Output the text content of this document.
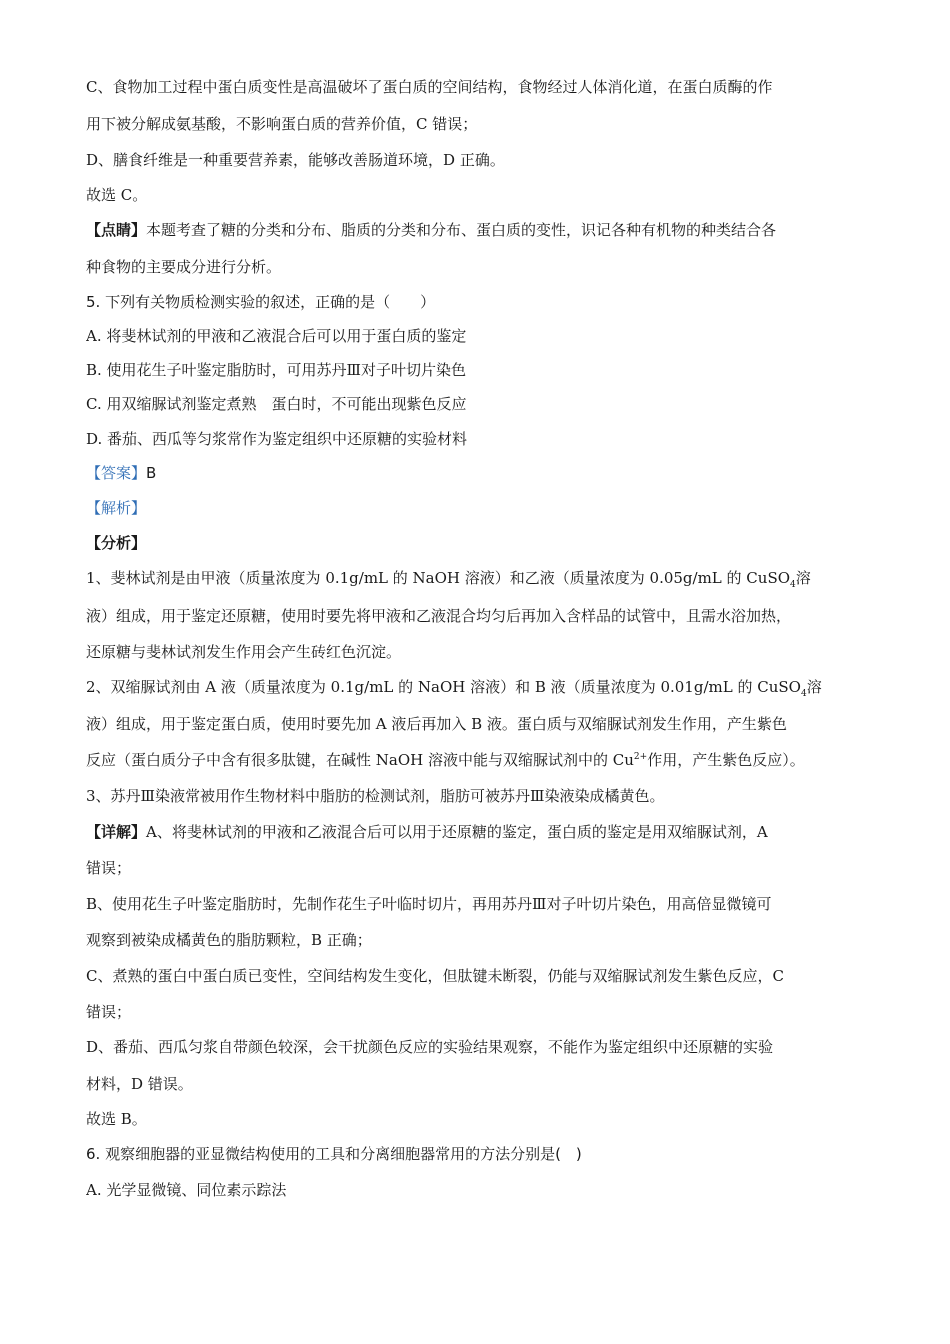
C、食物加工过程中蛋白质变性是高温破坏了蛋白质的空间结构，食物经过人体消化道，在蛋白质酶的作
用下被分解成氨基酸，不影响蛋白质的营养价值，C 错误；
D、膳食纤维是一种重要营养素，能够改善肠道环境，D 正确。
故选 C。
【点睛】本题考查了糖的分类和分布、脂质的分类和分布、蛋白质的变性，识记各种有机物的种类结合各
种食物的主要成分进行分析。
5. 下列有关物质检测实验的叙述，正确的是（　　）
A. 将斐林试剂的甲液和乙液混合后可以用于蛋白质的鉴定
B. 使用花生子叶鉴定脂肪时，可用苏丹Ⅲ对子叶切片染色
C. 用双缩脲试剂鉴定煮熟　蛋白时，不可能出现紫色反应
D. 番茄、西瓜等匀浆常作为鉴定组织中还原糖的实验材料
【答案】B
【解析】
【分析】
1、斐林试剂是由甲液（质量浓度为 0.1g/mL 的 NaOH 溶液）和乙液（质量浓度为 0.05g/mL 的 CuSO$_4$溶
液）组成，用于鉴定还原糖，使用时要先将甲液和乙液混合均匀后再加入含样品的试管中，且需水浴加热，
还原糖与斐林试剂发生作用会产生砖红色沉淀。
2、双缩脲试剂由 A 液（质量浓度为 0.1g/mL 的 NaOH 溶液）和 B 液（质量浓度为 0.01g/mL 的 CuSO$_4$溶
液）组成，用于鉴定蛋白质，使用时要先加 A 液后再加入 B 液。蛋白质与双缩脲试剂发生作用，产生紫色
反应（蛋白质分子中含有很多肽键，在碱性 NaOH 溶液中能与双缩脲试剂中的 $Cu^{2+}$作用，产生紫色反应）。
3、苏丹Ⅲ染液常被用作生物材料中脂肪的检测试剂，脂肪可被苏丹Ⅲ染液染成橘黄色。
【详解】A、将斐林试剂的甲液和乙液混合后可以用于还原糖的鉴定，蛋白质的鉴定是用双缩脲试剂，A
错误；
B、使用花生子叶鉴定脂肪时，先制作花生子叶临时切片，再用苏丹Ⅲ对子叶切片染色，用高倍显微镜可
观察到被染成橘黄色的脂肪颗粒，B 正确；
C、煮熟的蛋白中蛋白质已变性，空间结构发生变化，但肽键未断裂，仍能与双缩脲试剂发生紫色反应，C
错误；
D、番茄、西瓜匀浆自带颜色较深，会干扰颜色反应的实验结果观察，不能作为鉴定组织中还原糖的实验
材料，D 错误。
故选 B。
6. 观察细胞器的亚显微结构使用的工具和分离细胞器常用的方法分别是(　)
A. 光学显微镜、同位素示踪法
